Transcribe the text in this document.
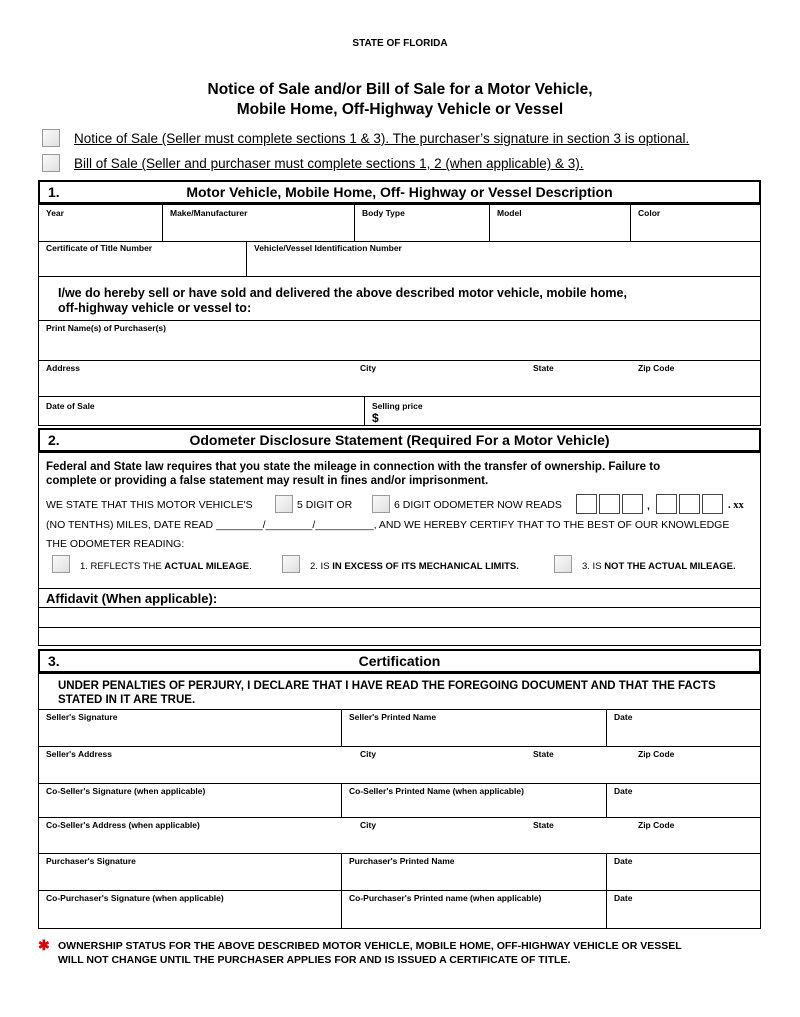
STATE OF FLORIDA
Notice of Sale and/or Bill of Sale for a Motor Vehicle,
Mobile Home, Off-Highway Vehicle or Vessel
Notice of Sale (Seller must complete sections 1 & 3). The purchaser’s signature in section 3 is optional.
Bill of Sale (Seller and purchaser must complete sections 1, 2 (when applicable) & 3).
1.	Motor Vehicle, Mobile Home, Off- Highway or Vessel Description
Year	Make/Manufacturer	Body Type	Model	Color
Certificate of Title Number	Vehicle/Vessel Identification Number
I/we do hereby sell or have sold and delivered the above described motor vehicle, mobile home,
off-highway vehicle or vessel to:
Print Name(s) of Purchaser(s)
Address	City	State	Zip Code
Date of Sale	Selling price
$
2.	Odometer Disclosure Statement (Required For a Motor Vehicle)
Federal and State law requires that you state the mileage in connection with the transfer of ownership. Failure to
complete or providing a false statement may result in fines and/or imprisonment.
WE STATE THAT THIS MOTOR VEHICLE'S	5 DIGIT OR	6 DIGIT ODOMETER NOW READS	,	. xx
(NO TENTHS) MILES, DATE READ ________/________/__________, AND WE HEREBY CERTIFY THAT TO THE BEST OF OUR KNOWLEDGE
THE ODOMETER READING:
1. REFLECTS THE ACTUAL MILEAGE.	2. IS IN EXCESS OF ITS MECHANICAL LIMITS.	3. IS NOT THE ACTUAL MILEAGE.
Affidavit (When applicable):
3.	Certification
UNDER PENALTIES OF PERJURY, I DECLARE THAT I HAVE READ THE FOREGOING DOCUMENT AND THAT THE FACTS
STATED IN IT ARE TRUE.
Seller's Signature	Seller's Printed Name	Date
Seller's Address	City	State	Zip Code
Co-Seller's Signature (when applicable)	Co-Seller's Printed Name (when applicable)	Date
Co-Seller's Address (when applicable)	City	State	Zip Code
Purchaser's Signature	Purchaser's Printed Name	Date
Co-Purchaser's Signature (when applicable)	Co-Purchaser's Printed name (when applicable)	Date
✱ OWNERSHIP STATUS FOR THE ABOVE DESCRIBED MOTOR VEHICLE, MOBILE HOME, OFF-HIGHWAY VEHICLE OR VESSEL
WILL NOT CHANGE UNTIL THE PURCHASER APPLIES FOR AND IS ISSUED A CERTIFICATE OF TITLE.
